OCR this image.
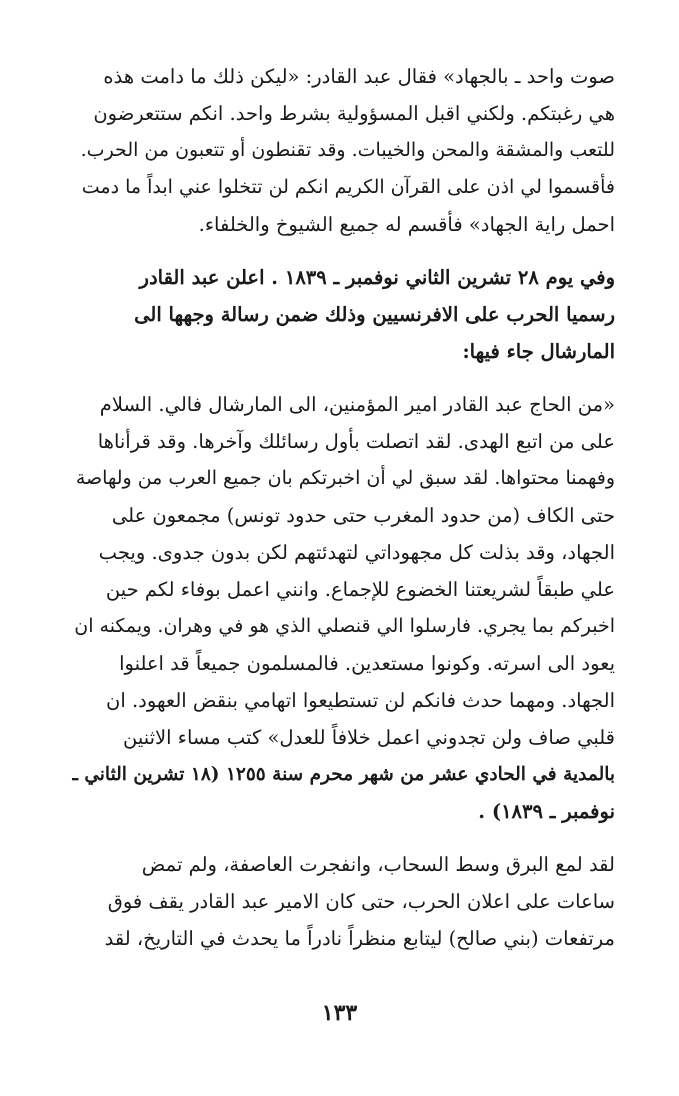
صوت واحد ـ بالجهاد» فقال عبد القادر: «ليكن ذلك ما دامت هذه
هي رغبتكم. ولكني اقبل المسؤولية بشرط واحد. انكم ستتعرضون
للتعب والمشقة والمحن والخيبات. وقد تقنطون أو تتعبون من الحرب.
فأقسموا لي اذن على القرآن الكريم انكم لن تتخلوا عني ابداً ما دمت
احمل راية الجهاد» فأقسم له جميع الشيوخ والخلفاء.
وفي يوم ٢٨ تشرين الثاني نوفمبر ـ ١٨٣٩ . اعلن عبد القادر
رسميا الحرب على الافرنسيين وذلك ضمن رسالة وجهها الى
المارشال جاء فيها:
«من الحاج عبد القادر امير المؤمنين، الى المارشال فالي. السلام
على من اتبع الهدى. لقد اتصلت بأول رسائلك وآخرها. وقد قرأناها
وفهمنا محتواها. لقد سبق لي أن اخبرتكم بان جميع العرب من ولهاصة
حتى الكاف (من حدود المغرب حتى حدود تونس) مجمعون على
الجهاد، وقد بذلت كل مجهوداتي لتهدئتهم لكن بدون جدوى. ويجب
علي طبقاً لشريعتنا الخضوع للإجماع. وانني اعمل بوفاء لكم حين
اخبركم بما يجري. فارسلوا الي قنصلي الذي هو في وهران. ويمكنه ان
يعود الى اسرته. وكونوا مستعدين. فالمسلمون جميعاً قد اعلنوا
الجهاد. ومهما حدث فانكم لن تستطيعوا اتهامي بنقض العهود. ان
قلبي صاف ولن تجدوني اعمل خلافاً للعدل» كتب مساء الاثنين
بالمدية في الحادي عشر من شهر محرم سنة ١٢٥٥ (١٨ تشرين الثاني ـ
نوفمبر ـ ١٨٣٩) .
لقد لمع البرق وسط السحاب، وانفجرت العاصفة، ولم تمض
ساعات على اعلان الحرب، حتى كان الامير عبد القادر يقف فوق
مرتفعات (بني صالح) ليتابع منظراً نادراً ما يحدث في التاريخ، لقد
١٣٣
